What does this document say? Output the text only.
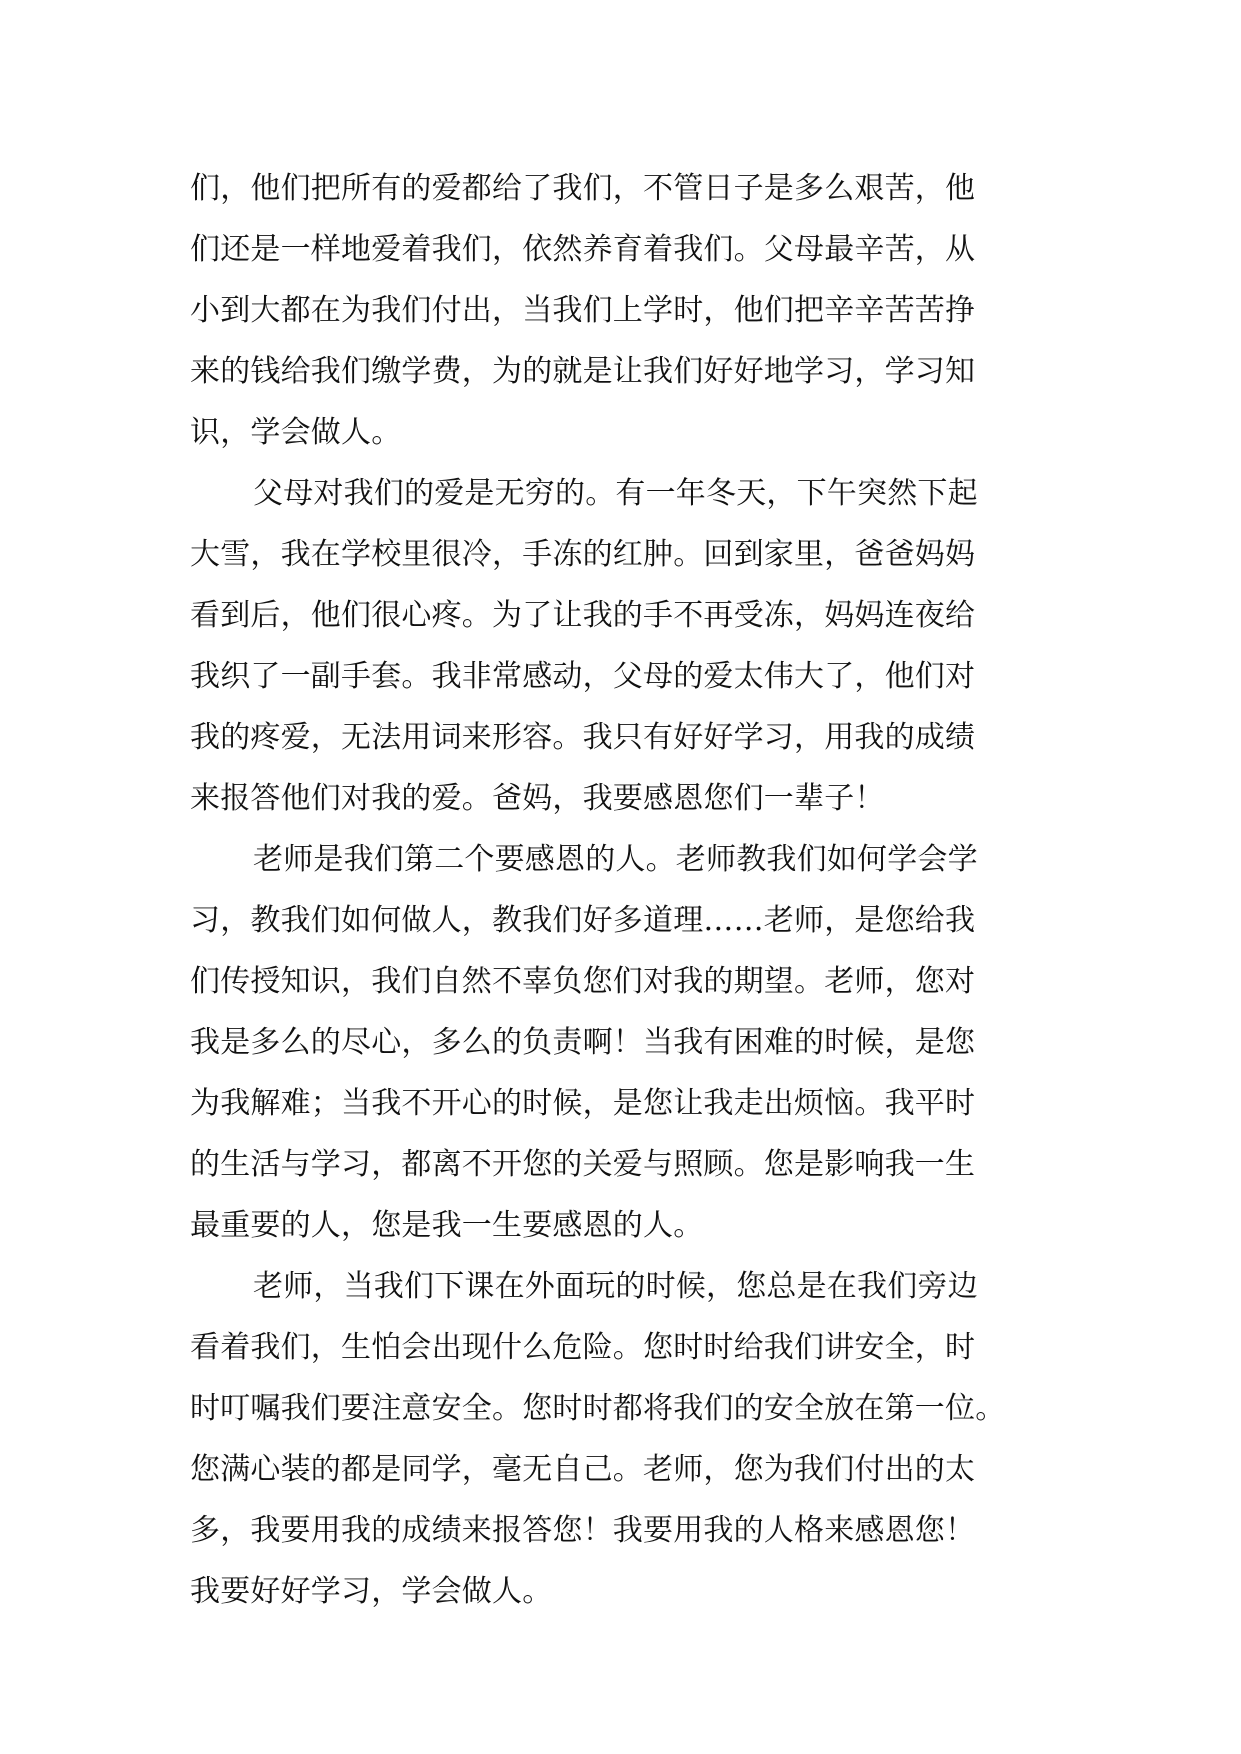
们，他们把所有的爱都给了我们，不管日子是多么艰苦，他
们还是一样地爱着我们，依然养育着我们。父母最辛苦，从
小到大都在为我们付出，当我们上学时，他们把辛辛苦苦挣
来的钱给我们缴学费，为的就是让我们好好地学习，学习知
识，学会做人。
父母对我们的爱是无穷的。有一年冬天，下午突然下起
大雪，我在学校里很冷，手冻的红肿。回到家里，爸爸妈妈
看到后，他们很心疼。为了让我的手不再受冻，妈妈连夜给
我织了一副手套。我非常感动，父母的爱太伟大了，他们对
我的疼爱，无法用词来形容。我只有好好学习，用我的成绩
来报答他们对我的爱。爸妈，我要感恩您们一辈子！
老师是我们第二个要感恩的人。老师教我们如何学会学
习，教我们如何做人，教我们好多道理……老师，是您给我
们传授知识，我们自然不辜负您们对我的期望。老师，您对
我是多么的尽心，多么的负责啊！当我有困难的时候，是您
为我解难；当我不开心的时候，是您让我走出烦恼。我平时
的生活与学习，都离不开您的关爱与照顾。您是影响我一生
最重要的人，您是我一生要感恩的人。
老师，当我们下课在外面玩的时候，您总是在我们旁边
看着我们，生怕会出现什么危险。您时时给我们讲安全，时
时叮嘱我们要注意安全。您时时都将我们的安全放在第一位。
您满心装的都是同学，毫无自己。老师，您为我们付出的太
多，我要用我的成绩来报答您！我要用我的人格来感恩您！
我要好好学习，学会做人。
